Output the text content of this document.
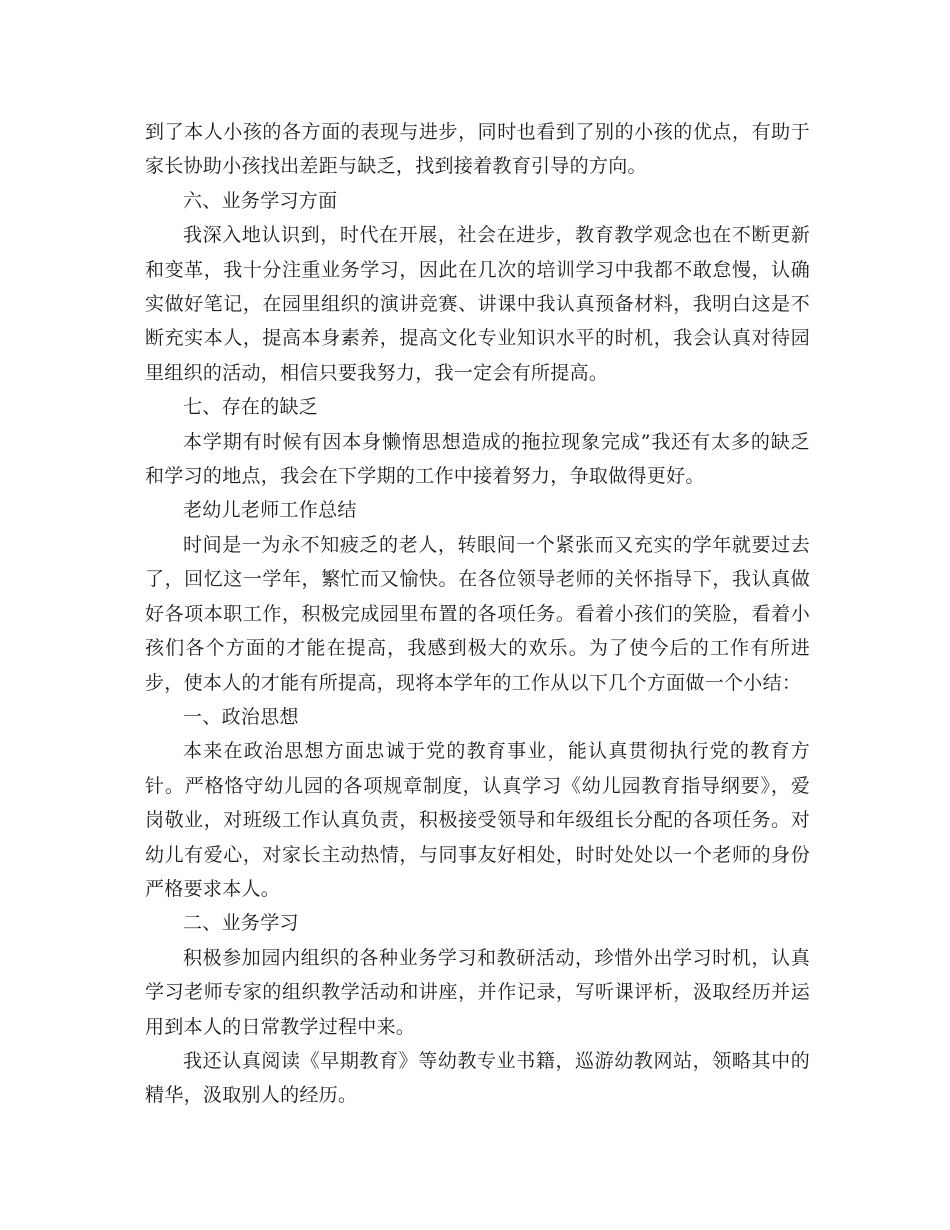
到了本人小孩的各方面的表现与进步，同时也看到了别的小孩的优点，有助于家长协助小孩找出差距与缺乏，找到接着教育引导的方向。

六、业务学习方面

我深入地认识到，时代在开展，社会在进步，教育教学观念也在不断更新和变革，我十分注重业务学习，因此在几次的培训学习中我都不敢怠慢，认确实做好笔记，在园里组织的演讲竞赛、讲课中我认真预备材料，我明白这是不断充实本人，提高本身素养，提高文化专业知识水平的时机，我会认真对待园里组织的活动，相信只要我努力，我一定会有所提高。

七、存在的缺乏

本学期有时候有因本身懒惰思想造成的拖拉现象完成”我还有太多的缺乏和学习的地点，我会在下学期的工作中接着努力，争取做得更好。

老幼儿老师工作总结

时间是一为永不知疲乏的老人，转眼间一个紧张而又充实的学年就要过去了，回忆这一学年，繁忙而又愉快。在各位领导老师的关怀指导下，我认真做好各项本职工作，积极完成园里布置的各项任务。看着小孩们的笑脸，看着小孩们各个方面的才能在提高，我感到极大的欢乐。为了使今后的工作有所进步，使本人的才能有所提高，现将本学年的工作从以下几个方面做一个小结：

一、政治思想

本来在政治思想方面忠诚于党的教育事业，能认真贯彻执行党的教育方针。严格恪守幼儿园的各项规章制度，认真学习《幼儿园教育指导纲要》，爱岗敬业，对班级工作认真负责，积极接受领导和年级组长分配的各项任务。对幼儿有爱心，对家长主动热情，与同事友好相处，时时处处以一个老师的身份严格要求本人。

二、业务学习

积极参加园内组织的各种业务学习和教研活动，珍惜外出学习时机，认真学习老师专家的组织教学活动和讲座，并作记录，写听课评析，汲取经历并运用到本人的日常教学过程中来。

我还认真阅读《早期教育》等幼教专业书籍，巡游幼教网站，领略其中的精华，汲取别人的经历。
